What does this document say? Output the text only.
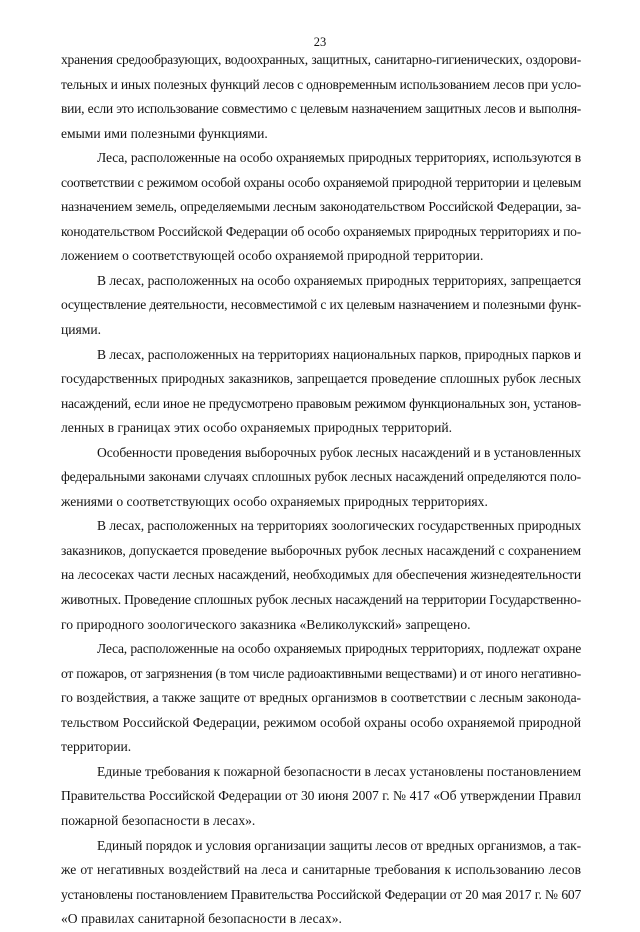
23
хранения средообразующих, водоохранных, защитных, санитарно-гигиенических, оздорови-
тельных и иных полезных функций лесов с одновременным использованием лесов при усло-
вии, если это использование совместимо с целевым назначением защитных лесов и выполня-
емыми ими полезными функциями.
Леса, расположенные на особо охраняемых природных территориях, используются в
соответствии с режимом особой охраны особо охраняемой природной территории и целевым
назначением земель, определяемыми лесным законодательством Российской Федерации, за-
конодательством Российской Федерации об особо охраняемых природных территориях и по-
ложением о соответствующей особо охраняемой природной территории.
В лесах, расположенных на особо охраняемых природных территориях, запрещается
осуществление деятельности, несовместимой с их целевым назначением и полезными функ-
циями.
В лесах, расположенных на территориях национальных парков, природных парков и
государственных природных заказников, запрещается проведение сплошных рубок лесных
насаждений, если иное не предусмотрено правовым режимом функциональных зон, установ-
ленных в границах этих особо охраняемых природных территорий.
Особенности проведения выборочных рубок лесных насаждений и в установленных
федеральными законами случаях сплошных рубок лесных насаждений определяются поло-
жениями о соответствующих особо охраняемых природных территориях.
В лесах, расположенных на территориях зоологических государственных природных
заказников, допускается проведение выборочных рубок лесных насаждений с сохранением
на лесосеках части лесных насаждений, необходимых для обеспечения жизнедеятельности
животных. Проведение сплошных рубок лесных насаждений на территории Государственно-
го природного зоологического заказника «Великолукский» запрещено.
Леса, расположенные на особо охраняемых природных территориях, подлежат охране
от пожаров, от загрязнения (в том числе радиоактивными веществами) и от иного негативно-
го воздействия, а также защите от вредных организмов в соответствии с лесным законода-
тельством Российской Федерации, режимом особой охраны особо охраняемой природной
территории.
Единые требования к пожарной безопасности в лесах установлены постановлением
Правительства Российской Федерации от 30 июня 2007 г. № 417 «Об утверждении Правил
пожарной безопасности в лесах».
Единый порядок и условия организации защиты лесов от вредных организмов, а так-
же от негативных воздействий на леса и санитарные требования к использованию лесов
установлены постановлением Правительства Российской Федерации от 20 мая 2017 г. № 607
«О правилах санитарной безопасности в лесах».
